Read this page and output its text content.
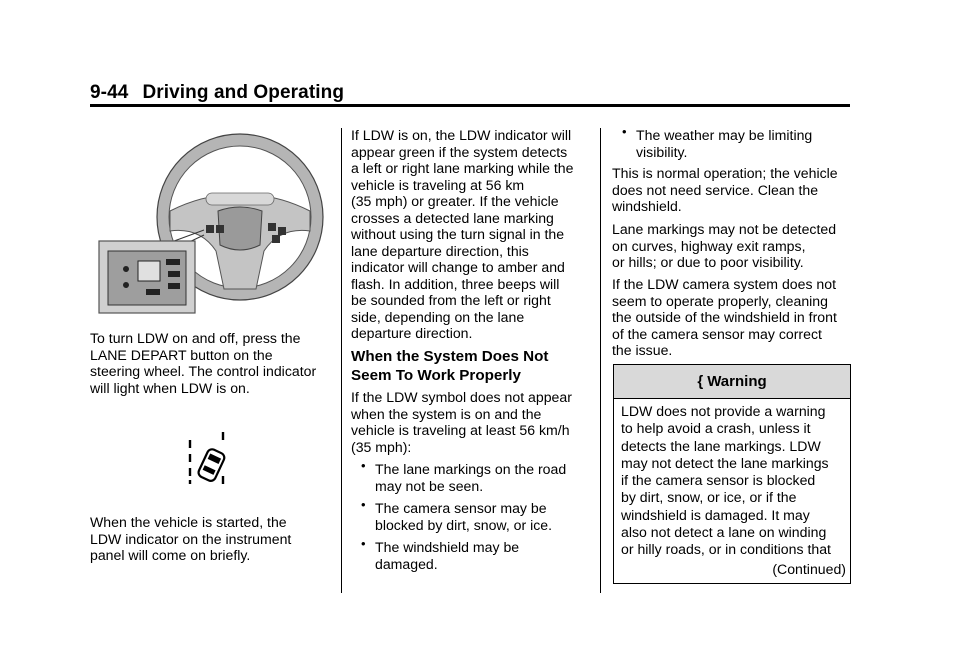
9-44 Driving and Operating
To turn LDW on and off, press the
LANE DEPART button on the
steering wheel. The control indicator
will light when LDW is on.
When the vehicle is started, the
LDW indicator on the instrument
panel will come on briefly.
If LDW is on, the LDW indicator will
appear green if the system detects
a left or right lane marking while the
vehicle is traveling at 56 km
(35 mph) or greater. If the vehicle
crosses a detected lane marking
without using the turn signal in the
lane departure direction, this
indicator will change to amber and
flash. In addition, three beeps will
be sounded from the left or right
side, depending on the lane
departure direction.
When the System Does Not
Seem To Work Properly
If the LDW symbol does not appear
when the system is on and the
vehicle is traveling at least 56 km/h
(35 mph):
• The lane markings on the road
may not be seen.
• The camera sensor may be
blocked by dirt, snow, or ice.
• The windshield may be
damaged.
• The weather may be limiting
visibility.
This is normal operation; the vehicle
does not need service. Clean the
windshield.
Lane markings may not be detected
on curves, highway exit ramps,
or hills; or due to poor visibility.
If the LDW camera system does not
seem to operate properly, cleaning
the outside of the windshield in front
of the camera sensor may correct
the issue.
{ Warning
LDW does not provide a warning
to help avoid a crash, unless it
detects the lane markings. LDW
may not detect the lane markings
if the camera sensor is blocked
by dirt, snow, or ice, or if the
windshield is damaged. It may
also not detect a lane on winding
or hilly roads, or in conditions that
(Continued)
